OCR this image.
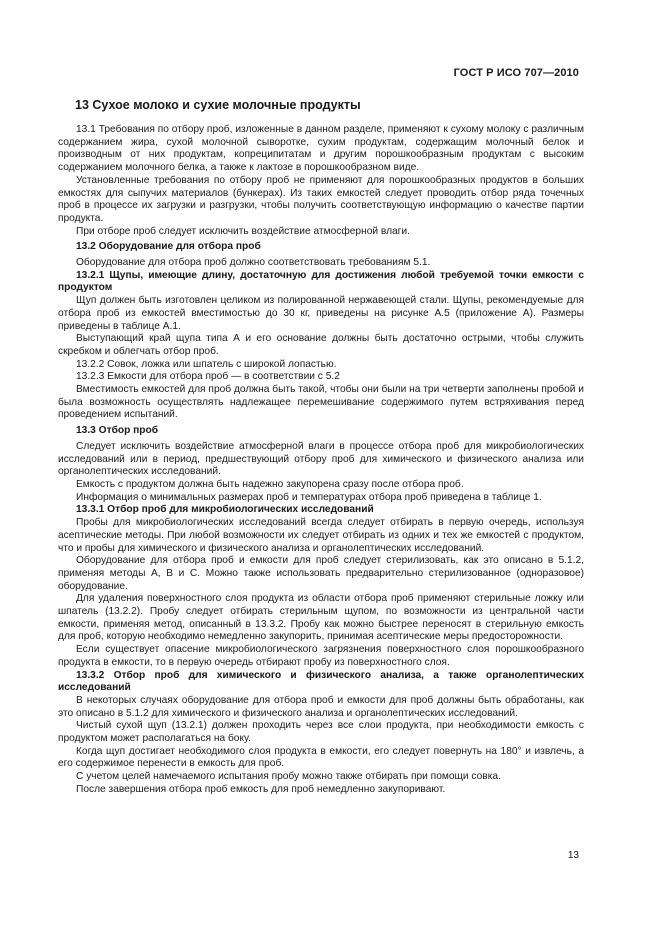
ГОСТ Р ИСО 707—2010
13 Сухое молоко и сухие молочные продукты

13.1 Требования по отбору проб, изложенные в данном разделе, применяют к сухому молоку с различным содержанием жира, сухой молочной сыворотке, сухим продуктам, содержащим молочный белок и производным от них продуктам, копреципитатам и другим порошкообразным продуктам с высоким содержанием молочного белка, а также к лактозе в порошкообразном виде.

Установленные требования по отбору проб не применяют для порошкообразных продуктов в больших емкостях для сыпучих материалов (бункерах). Из таких емкостей следует проводить отбор ряда точечных проб в процессе их загрузки и разгрузки, чтобы получить соответствующую информацию о качестве партии продукта.

При отборе проб следует исключить воздействие атмосферной влаги.

13.2 Оборудование для отбора проб

Оборудование для отбора проб должно соответствовать требованиям 5.1.

13.2.1 Щупы, имеющие длину, достаточную для достижения любой требуемой точки емкости с продуктом

Щуп должен быть изготовлен целиком из полированной нержавеющей стали. Щупы, рекомендуемые для отбора проб из емкостей вместимостью до 30 кг, приведены на рисунке А.5 (приложение А). Размеры приведены в таблице А.1.

Выступающий край щупа типа А и его основание должны быть достаточно острыми, чтобы служить скребком и облегчать отбор проб.

13.2.2 Совок, ложка или шпатель с широкой лопастью.

13.2.3 Емкости для отбора проб — в соответствии с 5.2

Вместимость емкостей для проб должна быть такой, чтобы они были на три четверти заполнены пробой и была возможность осуществлять надлежащее перемешивание содержимого путем встряхивания перед проведением испытаний.

13.3 Отбор проб

Следует исключить воздействие атмосферной влаги в процессе отбора проб для микробиологических исследований или в период, предшествующий отбору проб для химического и физического анализа или органолептических исследований.

Емкость с продуктом должна быть надежно закупорена сразу после отбора проб.

Информация о минимальных размерах проб и температурах отбора проб приведена в таблице 1.

13.3.1 Отбор проб для микробиологических исследований

Пробы для микробиологических исследований всегда следует отбирать в первую очередь, используя асептические методы. При любой возможности их следует отбирать из одних и тех же емкостей с продуктом, что и пробы для химического и физического анализа и органолептических исследований.

Оборудование для отбора проб и емкости для проб следует стерилизовать, как это описано в 5.1.2, применяя методы А, В и С. Можно также использовать предварительно стерилизованное (одноразовое) оборудование.

Для удаления поверхностного слоя продукта из области отбора проб применяют стерильные ложку или шпатель (13.2.2). Пробу следует отбирать стерильным щупом, по возможности из центральной части емкости, применяя метод, описанный в 13.3.2. Пробу как можно быстрее переносят в стерильную емкость для проб, которую необходимо немедленно закупорить, принимая асептические меры предосторожности.

Если существует опасение микробиологического загрязнения поверхностного слоя порошкообразного продукта в емкости, то в первую очередь отбирают пробу из поверхностного слоя.

13.3.2 Отбор проб для химического и физического анализа, а также органолептических исследований

В некоторых случаях оборудование для отбора проб и емкости для проб должны быть обработаны, как это описано в 5.1.2 для химического и физического анализа и органолептических исследований.

Чистый сухой щуп (13.2.1) должен проходить через все слои продукта, при необходимости емкость с продуктом может располагаться на боку.

Когда щуп достигает необходимого слоя продукта в емкости, его следует повернуть на 180° и извлечь, а его содержимое перенести в емкость для проб.

С учетом целей намечаемого испытания пробу можно также отбирать при помощи совка.

После завершения отбора проб емкость для проб немедленно закупоривают.

13
